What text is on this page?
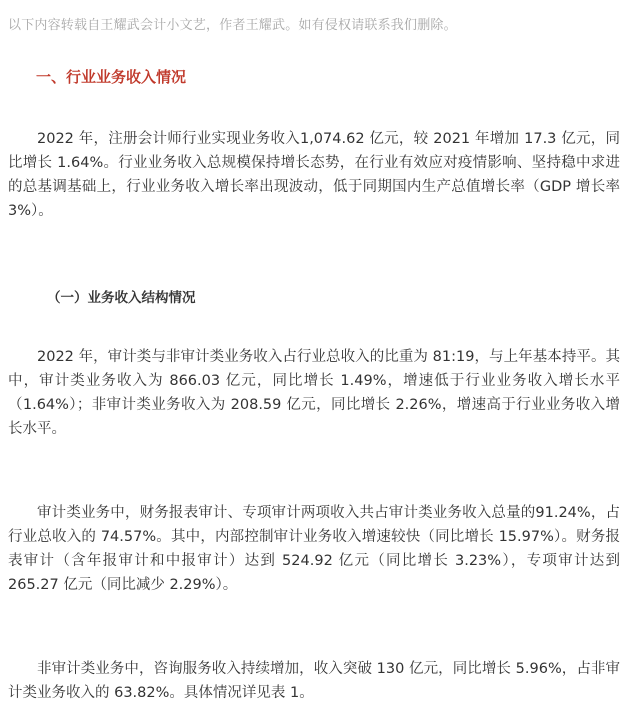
以下内容转载自王耀武会计小文艺，作者王耀武。如有侵权请联系我们删除。
一、行业业务收入情况

2022 年，注册会计师行业实现业务收入1,074.62 亿元，较 2021 年增加 17.3 亿元，同比增长 1.64%。行业业务收入总规模保持增长态势，在行业有效应对疫情影响、坚持稳中求进的总基调基础上，行业业务收入增长率出现波动，低于同期国内生产总值增长率（GDP 增长率 3%）。

（一）业务收入结构情况

2022 年，审计类与非审计类业务收入占行业总收入的比重为 81:19，与上年基本持平。其中，审计类业务收入为 866.03 亿元，同比增长 1.49%，增速低于行业业务收入增长水平（1.64%）；非审计类业务收入为 208.59 亿元，同比增长 2.26%，增速高于行业业务收入增长水平。

审计类业务中，财务报表审计、专项审计两项收入共占审计类业务收入总量的91.24%，占行业总收入的 74.57%。其中，内部控制审计业务收入增速较快（同比增长 15.97%）。财务报表审计（含年报审计和中报审计）达到 524.92 亿元（同比增长 3.23%），专项审计达到 265.27 亿元（同比减少 2.29%）。

非审计类业务中，咨询服务收入持续增加，收入突破 130 亿元，同比增长 5.96%，占非审计类业务收入的 63.82%。具体情况详见表 1。
